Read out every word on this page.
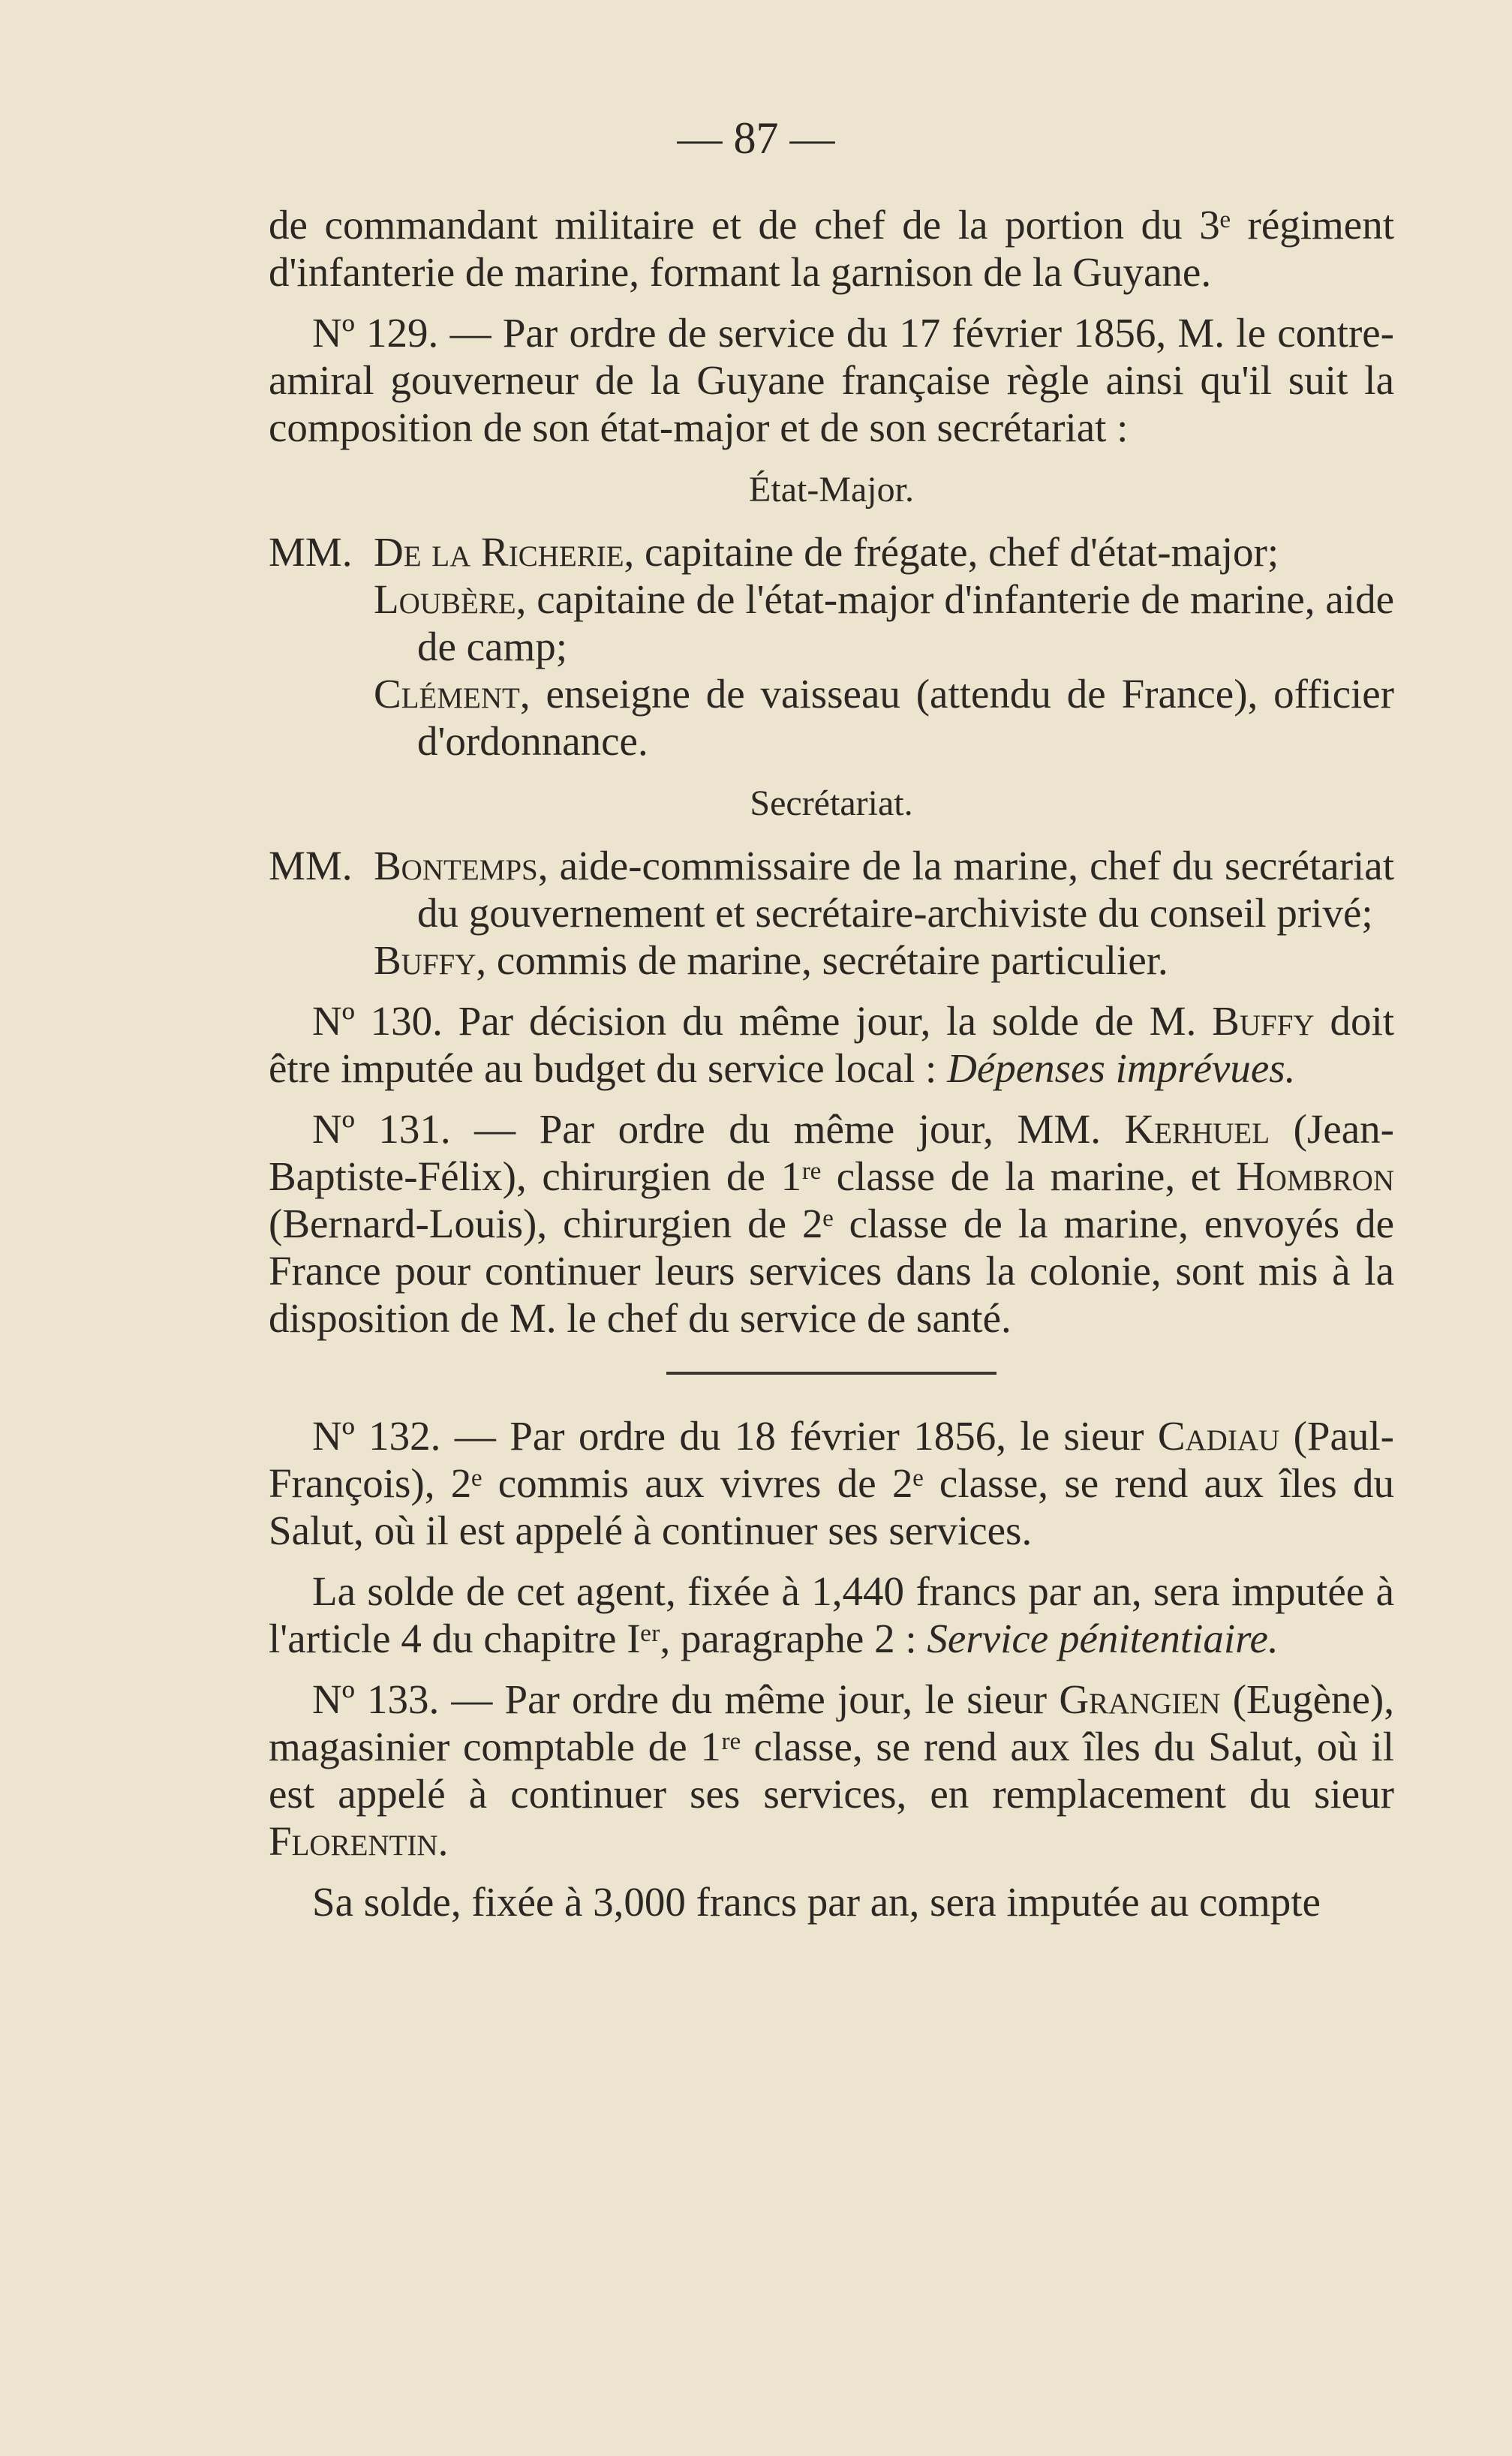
— 87 —

de commandant militaire et de chef de la portion du 3ᵉ régiment d'infanterie de marine, formant la garnison de la Guyane.

Nº 129. — Par ordre de service du 17 février 1856, M. le contre-amiral gouverneur de la Guyane française règle ainsi qu'il suit la composition de son état-major et de son secrétariat :

État-Major.

MM. De la Richerie, capitaine de frégate, chef d'état-major;

Loubère, capitaine de l'état-major d'infanterie de marine, aide de camp;

Clément, enseigne de vaisseau (attendu de France), officier d'ordonnance.

Secrétariat.

MM. Bontemps, aide-commissaire de la marine, chef du secrétariat du gouvernement et secrétaire-archiviste du conseil privé;

Buffy, commis de marine, secrétaire particulier.

Nº 130. Par décision du même jour, la solde de M. Buffy doit être imputée au budget du service local : Dépenses imprévues.

Nº 131. — Par ordre du même jour, MM. Kerhuel (Jean-Baptiste-Félix), chirurgien de 1ʳᵉ classe de la marine, et Hombron (Bernard-Louis), chirurgien de 2ᵉ classe de la marine, envoyés de France pour continuer leurs services dans la colonie, sont mis à la disposition de M. le chef du service de santé.

Nº 132. — Par ordre du 18 février 1856, le sieur Cadiau (Paul-François), 2ᵉ commis aux vivres de 2ᵉ classe, se rend aux îles du Salut, où il est appelé à continuer ses services.

La solde de cet agent, fixée à 1,440 francs par an, sera imputée à l'article 4 du chapitre Iᵉʳ, paragraphe 2 : Service pénitentiaire.

Nº 133. — Par ordre du même jour, le sieur Grangien (Eugène), magasinier comptable de 1ʳᵉ classe, se rend aux îles du Salut, où il est appelé à continuer ses services, en remplacement du sieur Florentin.

Sa solde, fixée à 3,000 francs par an, sera imputée au compte
